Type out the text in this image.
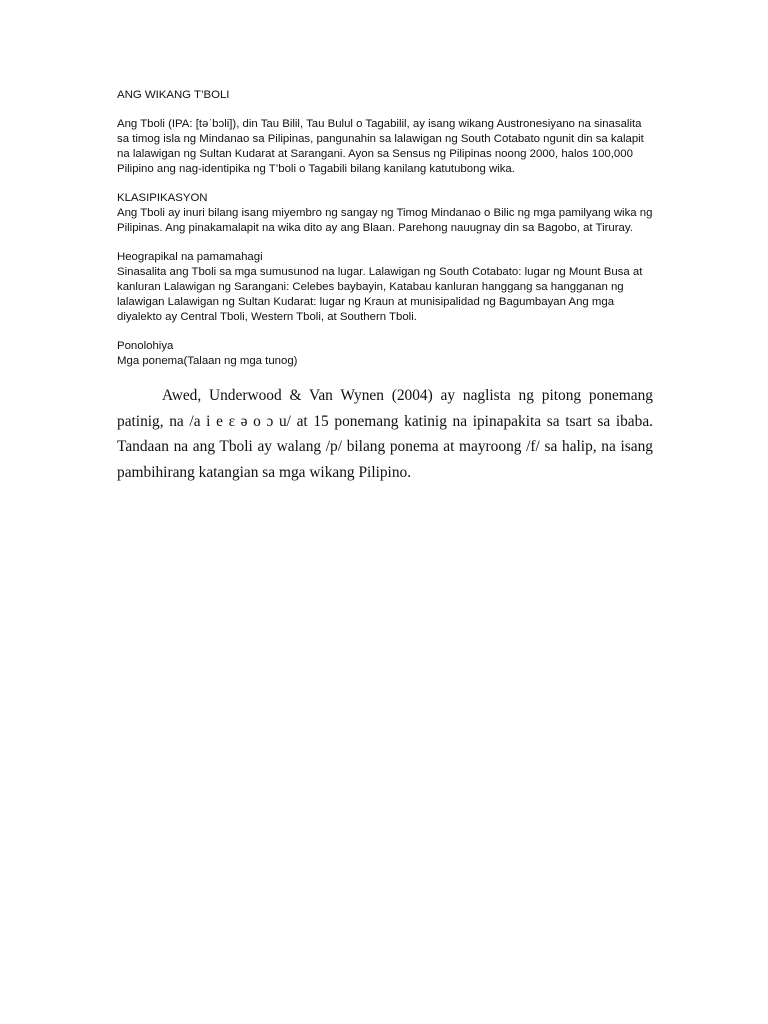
ANG WIKANG T’BOLI

Ang Tboli (IPA: [təˈbɔli]), din Tau Bilil, Tau Bulul o Tagabilil, ay isang wikang Austronesiyano na sinasalita sa timog isla ng Mindanao sa Pilipinas, pangunahin sa lalawigan ng South Cotabato ngunit din sa kalapit na lalawigan ng Sultan Kudarat at Sarangani. Ayon sa Sensus ng Pilipinas noong 2000, halos 100,000 Pilipino ang nag-identipika ng T’boli o Tagabili bilang kanilang katutubong wika.

KLASIPIKASYON

Ang Tboli ay inuri bilang isang miyembro ng sangay ng Timog Mindanao o Bilic ng mga pamilyang wika ng Pilipinas. Ang pinakamalapit na wika dito ay ang Blaan. Parehong nauugnay din sa Bagobo, at Tiruray.

Heograpikal na pamamahagi

Sinasalita ang Tboli sa mga sumusunod na lugar. Lalawigan ng South Cotabato: lugar ng Mount Busa at kanluran Lalawigan ng Sarangani: Celebes baybayin, Katabau kanluran hanggang sa hangganan ng lalawigan Lalawigan ng Sultan Kudarat: lugar ng Kraun at munisipalidad ng Bagumbayan Ang mga diyalekto ay Central Tboli, Western Tboli, at Southern Tboli.

Ponolohiya

Mga ponema(Talaan ng mga tunog)

Awed, Underwood & Van Wynen (2004) ay naglista ng pitong ponemang patinig, na /a i e ɛ ə o ɔ u/ at 15 ponemang katinig na ipinapakita sa tsart sa ibaba. Tandaan na ang Tboli ay walang /p/ bilang ponema at mayroong /f/ sa halip, na isang pambihirang katangian sa mga wikang Pilipino.
